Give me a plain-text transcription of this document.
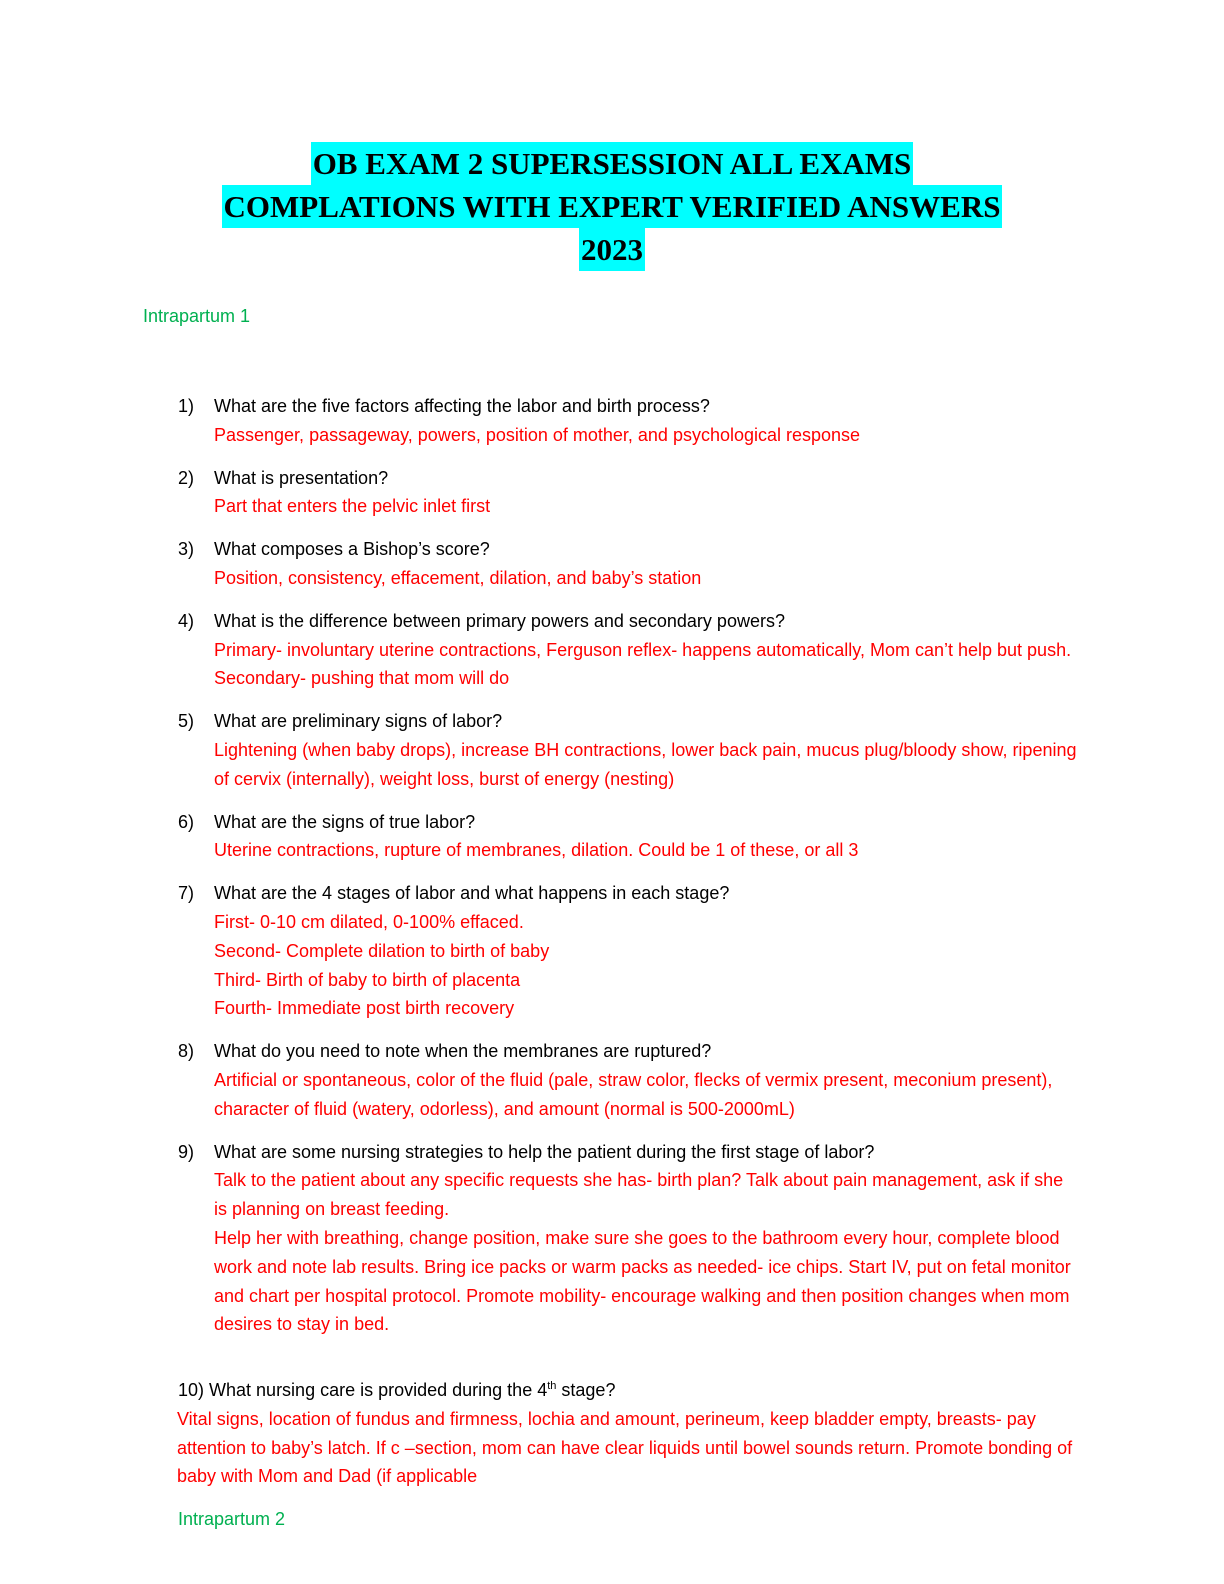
OB EXAM 2 SUPERSESSION ALL EXAMS
COMPLATIONS WITH EXPERT VERIFIED ANSWERS
2023
Intrapartum 1
1)	What are the five factors affecting the labor and birth process?
Passenger, passageway, powers, position of mother, and psychological response
2)	What is presentation?
Part that enters the pelvic inlet first
3)	What composes a Bishop’s score?
Position, consistency, effacement, dilation, and baby’s station
4)	What is the difference between primary powers and secondary powers?
Primary- involuntary uterine contractions, Ferguson reflex- happens automatically, Mom can’t help but push.
Secondary- pushing that mom will do
5)	What are preliminary signs of labor?
Lightening (when baby drops), increase BH contractions, lower back pain, mucus plug/bloody show, ripening of cervix (internally), weight loss, burst of energy (nesting)
6)	What are the signs of true labor?
Uterine contractions, rupture of membranes, dilation. Could be 1 of these, or all 3
7)	What are the 4 stages of labor and what happens in each stage?
First- 0-10 cm dilated, 0-100% effaced.
Second- Complete dilation to birth of baby
Third- Birth of baby to birth of placenta
Fourth- Immediate post birth recovery
8)	What do you need to note when the membranes are ruptured?
Artificial or spontaneous, color of the fluid (pale, straw color, flecks of vermix present, meconium present), character of fluid (watery, odorless), and amount (normal is 500-2000mL)
9)	What are some nursing strategies to help the patient during the first stage of labor?
Talk to the patient about any specific requests she has- birth plan? Talk about pain management, ask if she is planning on breast feeding.
Help her with breathing, change position, make sure she goes to the bathroom every hour, complete blood work and note lab results. Bring ice packs or warm packs as needed- ice chips. Start IV, put on fetal monitor and chart per hospital protocol. Promote mobility- encourage walking and then position changes when mom desires to stay in bed.
10) What nursing care is provided during the 4th stage?
Vital signs, location of fundus and firmness, lochia and amount, perineum, keep bladder empty, breasts- pay attention to baby’s latch. If c –section, mom can have clear liquids until bowel sounds return. Promote bonding of baby with Mom and Dad (if applicable
Intrapartum 2
